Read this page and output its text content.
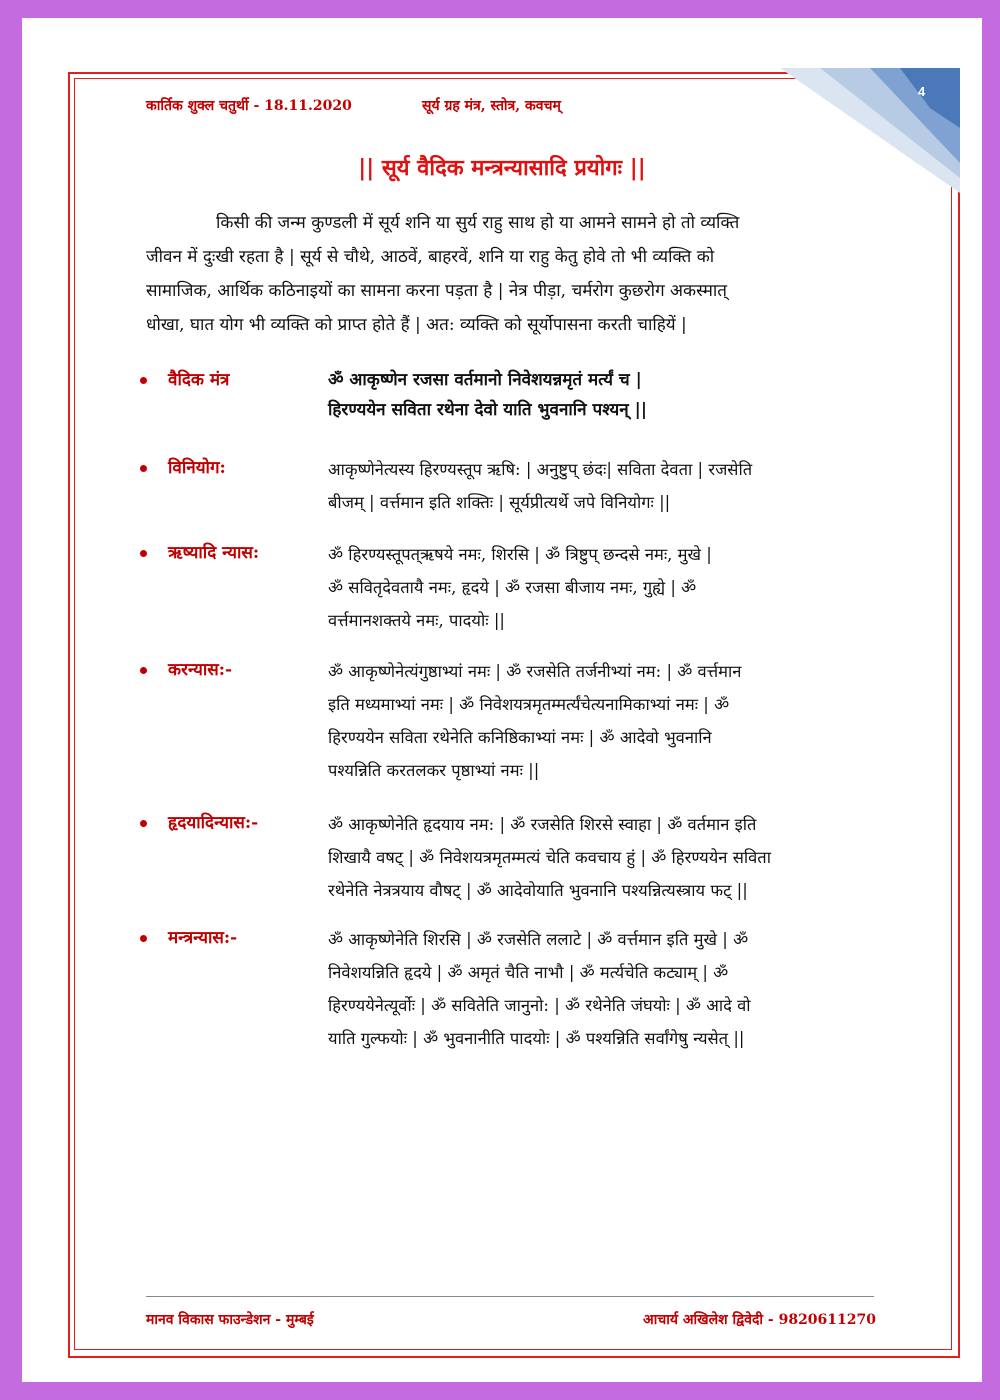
4
कार्तिक शुक्ल चतुर्थी - 18.11.2020	सूर्य ग्रह मंत्र, स्तोत्र, कवचम्
|| सूर्य वैदिक मन्त्रन्यासादि प्रयोगः ||
किसी की जन्म कुण्डली में सूर्य शनि या सुर्य राहु साथ हो या आमने सामने हो तो व्यक्ति
जीवन में दुःखी रहता है | सूर्य से चौथे, आठवें, बाहरवें, शनि या राहु केतु होवे तो भी व्यक्ति को
सामाजिक, आर्थिक कठिनाइयों का सामना करना पड़ता है | नेत्र पीड़ा, चर्मरोग कुछरोग अकस्मात्
धोखा, घात योग भी व्यक्ति को प्राप्त होते हैं | अत: व्यक्ति को सूर्योपासना करती चाहियें |
वैदिक मंत्र	ॐ आकृष्णेन रजसा वर्तमानो निवेशयन्नमृतं मर्त्यं च |
हिरण्ययेन सविता रथेना देवो याति भुवनानि पश्यन् ||
विनियोग:	आकृष्णेनेत्यस्य हिरण्यस्तूप ऋषि: | अनुष्टुप् छंदः| सविता देवता | रजसेति
बीजम् | वर्त्तमान इति शक्तिः | सूर्यप्रीत्यर्थे जपे विनियोगः ||
ऋष्यादि न्यास:	ॐ हिरण्यस्तूपत्ऋषये नमः, शिरसि | ॐ त्रिष्टुप् छन्दसे नमः, मुखे |
ॐ सवितृदेवतायै नमः, हृदये | ॐ रजसा बीजाय नमः, गुह्ये | ॐ
वर्त्तमानशक्तये नमः, पादयोः ||
करन्यास:-	ॐ आकृष्णेनेत्यंगुष्ठाभ्यां नमः | ॐ रजसेति तर्जनीभ्यां नम: | ॐ वर्त्तमान
इति मध्यमाभ्यां नमः | ॐ निवेशयत्रमृतम्मर्त्यंचेत्यनामिकाभ्यां नमः | ॐ
हिरण्ययेन सविता रथेनेति कनिष्ठिकाभ्यां नमः | ॐ आदेवो भुवनानि
पश्यन्निति करतलकर पृष्ठाभ्यां नमः ||
हृदयादिन्यास:-	ॐ आकृष्णेनेति हृदयाय नम: | ॐ रजसेति शिरसे स्वाहा | ॐ वर्तमान इति
शिखायै वषट् | ॐ निवेशयत्रमृतम्मत्यं चेति कवचाय हुं | ॐ हिरण्ययेन सविता
रथेनेति नेत्रत्रयाय वौषट् | ॐ आदेवोयाति भुवनानि पश्यन्नित्यस्त्राय फट् ||
मन्त्रन्यास:-	ॐ आकृष्णेनेति शिरसि | ॐ रजसेति ललाटे | ॐ वर्त्तमान इति मुखे | ॐ
निवेशयन्निति हृदये | ॐ अमृतं चैति नाभौ | ॐ मर्त्यचेति कट्याम् | ॐ
हिरण्ययेनेत्यूर्वोः | ॐ सवितेति जानुनो: | ॐ रथेनेति जंघयोः | ॐ आदे वो
याति गुल्फयोः | ॐ भुवनानीति पादयोः | ॐ पश्यन्निति सर्वांगेषु न्यसेत् ||
मानव विकास फाउन्डेशन - मुम्बई	आचार्य अखिलेश द्विवेदी - 9820611270
